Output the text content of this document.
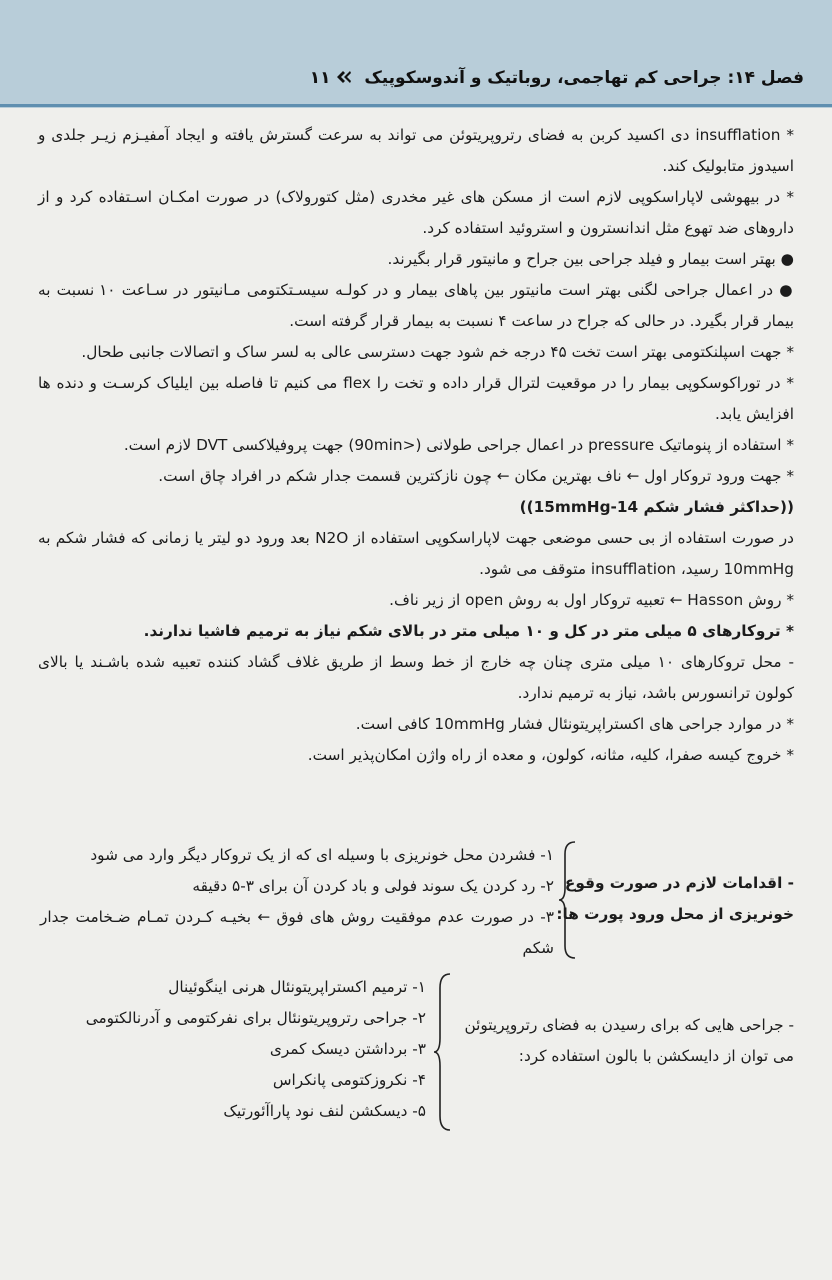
فصل ۱۴: جراحی کم تهاجمی، روباتیک و آندوسکوپیک  ۱۱

* insufflation دی اکسید کربن به فضای رتروپریتوئن می تواند به سرعت گسترش یافته و ایجاد آمفیـزم زیـر جلدی و اسیدوز متابولیک کند.

* در بیهوشی لاپاراسکوپی لازم است از مسکن های غیر مخدری (مثل کتورولاک) در صورت امکـان اسـتفاده کرد و از داروهای ضد تهوع مثل اندانسترون و استروئید استفاده کرد.

● بهتر است بیمار و فیلد جراحی بین جراح و مانیتور قرار بگیرند.

● در اعمال جراحی لگنی بهتر است مانیتور بین پاهای بیمار و در کولـه سیسـتکتومی مـانیتور در سـاعت ۱۰ نسبت به بیمار قرار بگیرد. در حالی که جراح در ساعت ۴ نسبت به بیمار قرار گرفته است.

* جهت اسپلنکتومی بهتر است تخت ۴۵ درجه خم شود جهت دسترسی عالی به لسر ساک و اتصالات جانبی طحال.

* در توراکوسکوپی بیمار را در موقعیت لترال قرار داده و تخت را flex می کنیم تا فاصله بین ایلیاک کرسـت و دنده ها افزایش یابد.

* استفاده از پنوماتیک pressure در اعمال جراحی طولانی (<90min) جهت پروفیلاکسی DVT لازم است.

* جهت ورود تروکار اول ← ناف بهترین مکان ← چون نازکترین قسمت جدار شکم در افراد چاق است.

((حداکثر فشار شکم 14-15mmHg))

در صورت استفاده از بی حسی موضعی جهت لاپاراسکوپی استفاده از N2O بعد ورود دو لیتر یا زمانی که فشار شکم به 10mmHg رسید، insufflation متوقف می شود.

* روش Hasson ← تعبیه تروکار اول به روش open از زیر ناف.

* تروکارهای ۵ میلی متر در کل و ۱۰ میلی متر در بالای شکم نیاز به ترمیم فاشیا ندارند.

- محل تروکارهای ۱۰ میلی متری چنان چه خارج از خط وسط از طریق غلاف گشاد کننده تعبیه شده باشـند یا بالای کولون ترانسورس باشد، نیاز به ترمیم ندارد.

* در موارد جراحی های اکستراپریتونئال فشار 10mmHg کافی است.

* خروج کیسه صفرا، کلیه، مثانه، کولون، و معده از راه واژن امکان‌پذیر است.

- اقدامات لازم در صورت وقوع
خونریزی از محل ورود پورت ها:

۱- فشردن محل خونریزی با وسیله ای که از یک تروکار دیگر وارد می شود

۲- رد کردن یک سوند فولی و باد کردن آن برای ۳-۵ دقیقه

۳- در صورت عدم موفقیت روش های فوق ← بخیـه کـردن تمـام ضـخامت جدار شکم

- جراحی هایی که برای رسیدن به فضای رتروپریتوئن
می توان از دایسکشن با بالون استفاده کرد:

۱- ترمیم اکستراپریتونئال هرنی اینگوئینال

۲- جراحی رتروپریتونئال برای نفرکتومی و آدرنالکتومی

۳- برداشتن دیسک کمری

۴- نکروزکتومی پانکراس

۵- دیسکشن لنف نود پاراآئورتیک
